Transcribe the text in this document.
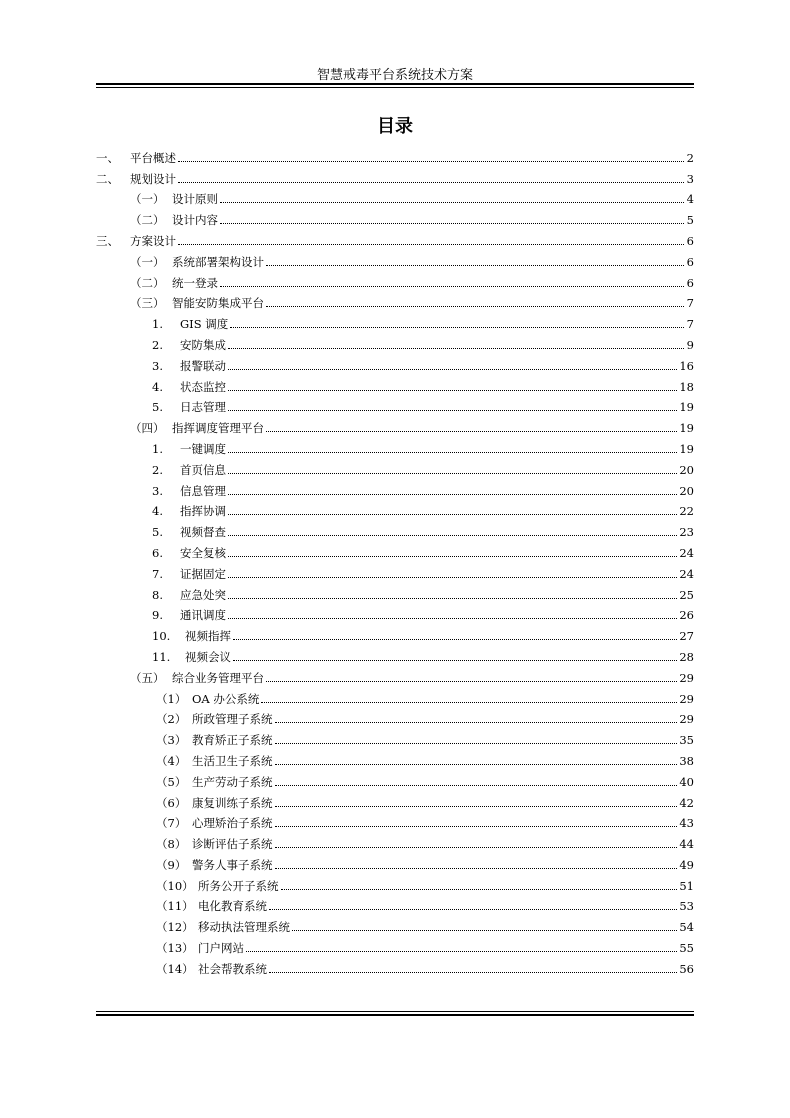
智慧戒毒平台系统技术方案
目录
一、 平台概述	2
二、 规划设计	3
（一） 设计原则	4
（二） 设计内容	5
三、 方案设计	6
（一） 系统部署架构设计	6
（二） 统一登录	6
（三） 智能安防集成平台	7
1.	GIS 调度	7
2.	安防集成	9
3.	报警联动	16
4.	状态监控	18
5.	日志管理	19
（四） 指挥调度管理平台	19
1.	一键调度	19
2.	首页信息	20
3.	信息管理	20
4.	指挥协调	22
5.	视频督查	23
6.	安全复核	24
7.	证据固定	24
8.	应急处突	25
9.	通讯调度	26
10.	视频指挥	27
11.	视频会议	28
（五） 综合业务管理平台	29
（1） OA 办公系统	29
（2） 所政管理子系统	29
（3） 教育矫正子系统	35
（4） 生活卫生子系统	38
（5） 生产劳动子系统	40
（6） 康复训练子系统	42
（7） 心理矫治子系统	43
（8） 诊断评估子系统	44
（9） 警务人事子系统	49
（10） 所务公开子系统	51
（11） 电化教育系统	53
（12） 移动执法管理系统	54
（13） 门户网站	55
（14） 社会帮教系统	56
